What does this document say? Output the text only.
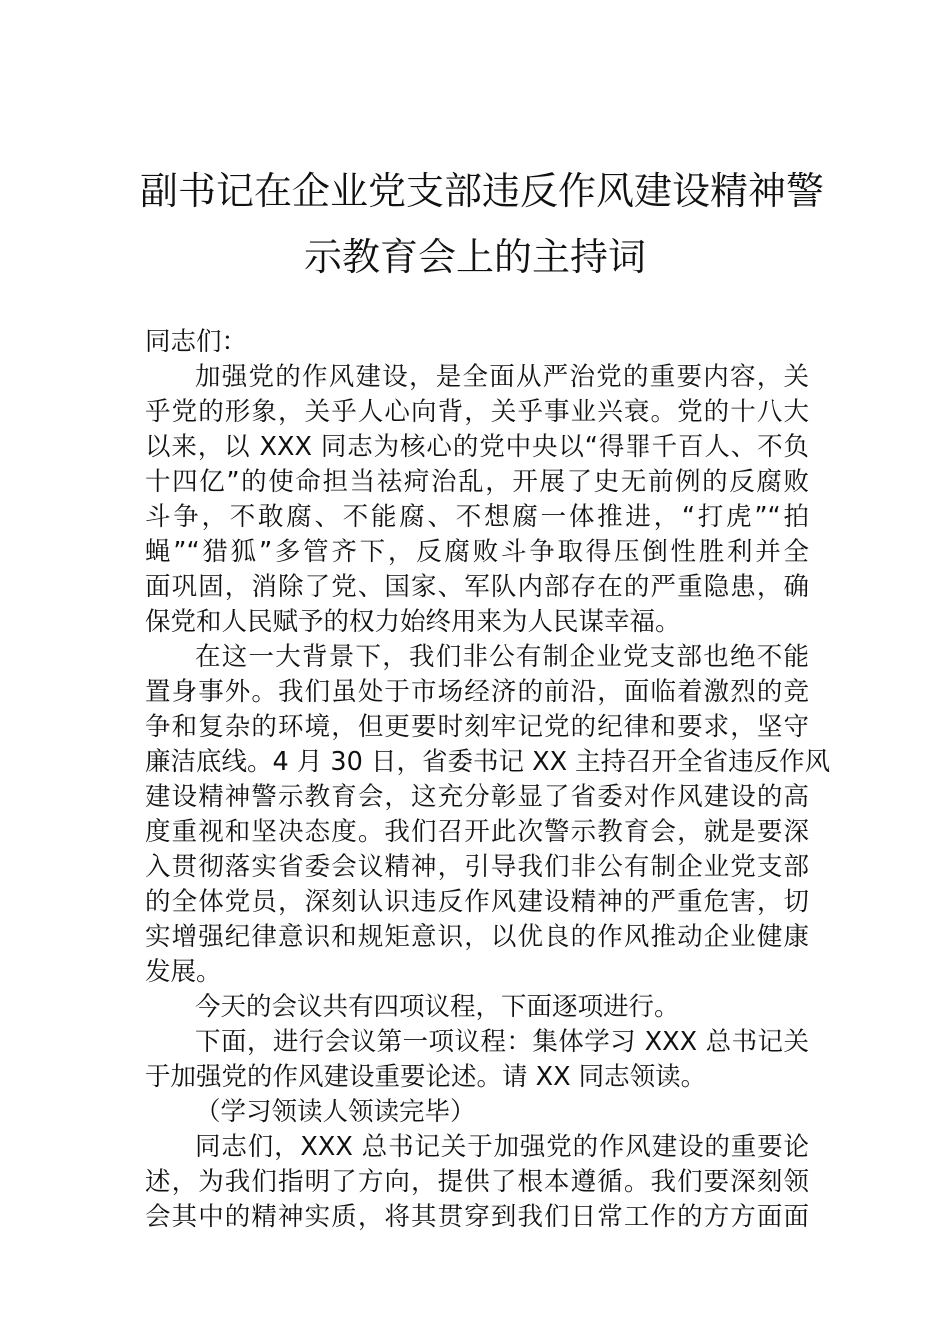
副书记在企业党支部违反作风建设精神警
示教育会上的主持词
同志们：
加强党的作风建设，是全面从严治党的重要内容，关
乎党的形象，关乎人心向背，关乎事业兴衰。党的十八大
以来，以 XXX 同志为核心的党中央以“得罪千百人、不负
十四亿”的使命担当祛疴治乱，开展了史无前例的反腐败
斗争，不敢腐、不能腐、不想腐一体推进，“打虎”“拍
蝇”“猎狐”多管齐下，反腐败斗争取得压倒性胜利并全
面巩固，消除了党、国家、军队内部存在的严重隐患，确
保党和人民赋予的权力始终用来为人民谋幸福。
在这一大背景下，我们非公有制企业党支部也绝不能
置身事外。我们虽处于市场经济的前沿，面临着激烈的竞
争和复杂的环境，但更要时刻牢记党的纪律和要求，坚守
廉洁底线。4 月 30 日，省委书记 XX 主持召开全省违反作风
建设精神警示教育会，这充分彰显了省委对作风建设的高
度重视和坚决态度。我们召开此次警示教育会，就是要深
入贯彻落实省委会议精神，引导我们非公有制企业党支部
的全体党员，深刻认识违反作风建设精神的严重危害，切
实增强纪律意识和规矩意识，以优良的作风推动企业健康
发展。
今天的会议共有四项议程，下面逐项进行。
下面，进行会议第一项议程：集体学习 XXX 总书记关
于加强党的作风建设重要论述。请 XX 同志领读。
（学习领读人领读完毕）
同志们，XXX 总书记关于加强党的作风建设的重要论
述，为我们指明了方向，提供了根本遵循。我们要深刻领
会其中的精神实质，将其贯穿到我们日常工作的方方面面
